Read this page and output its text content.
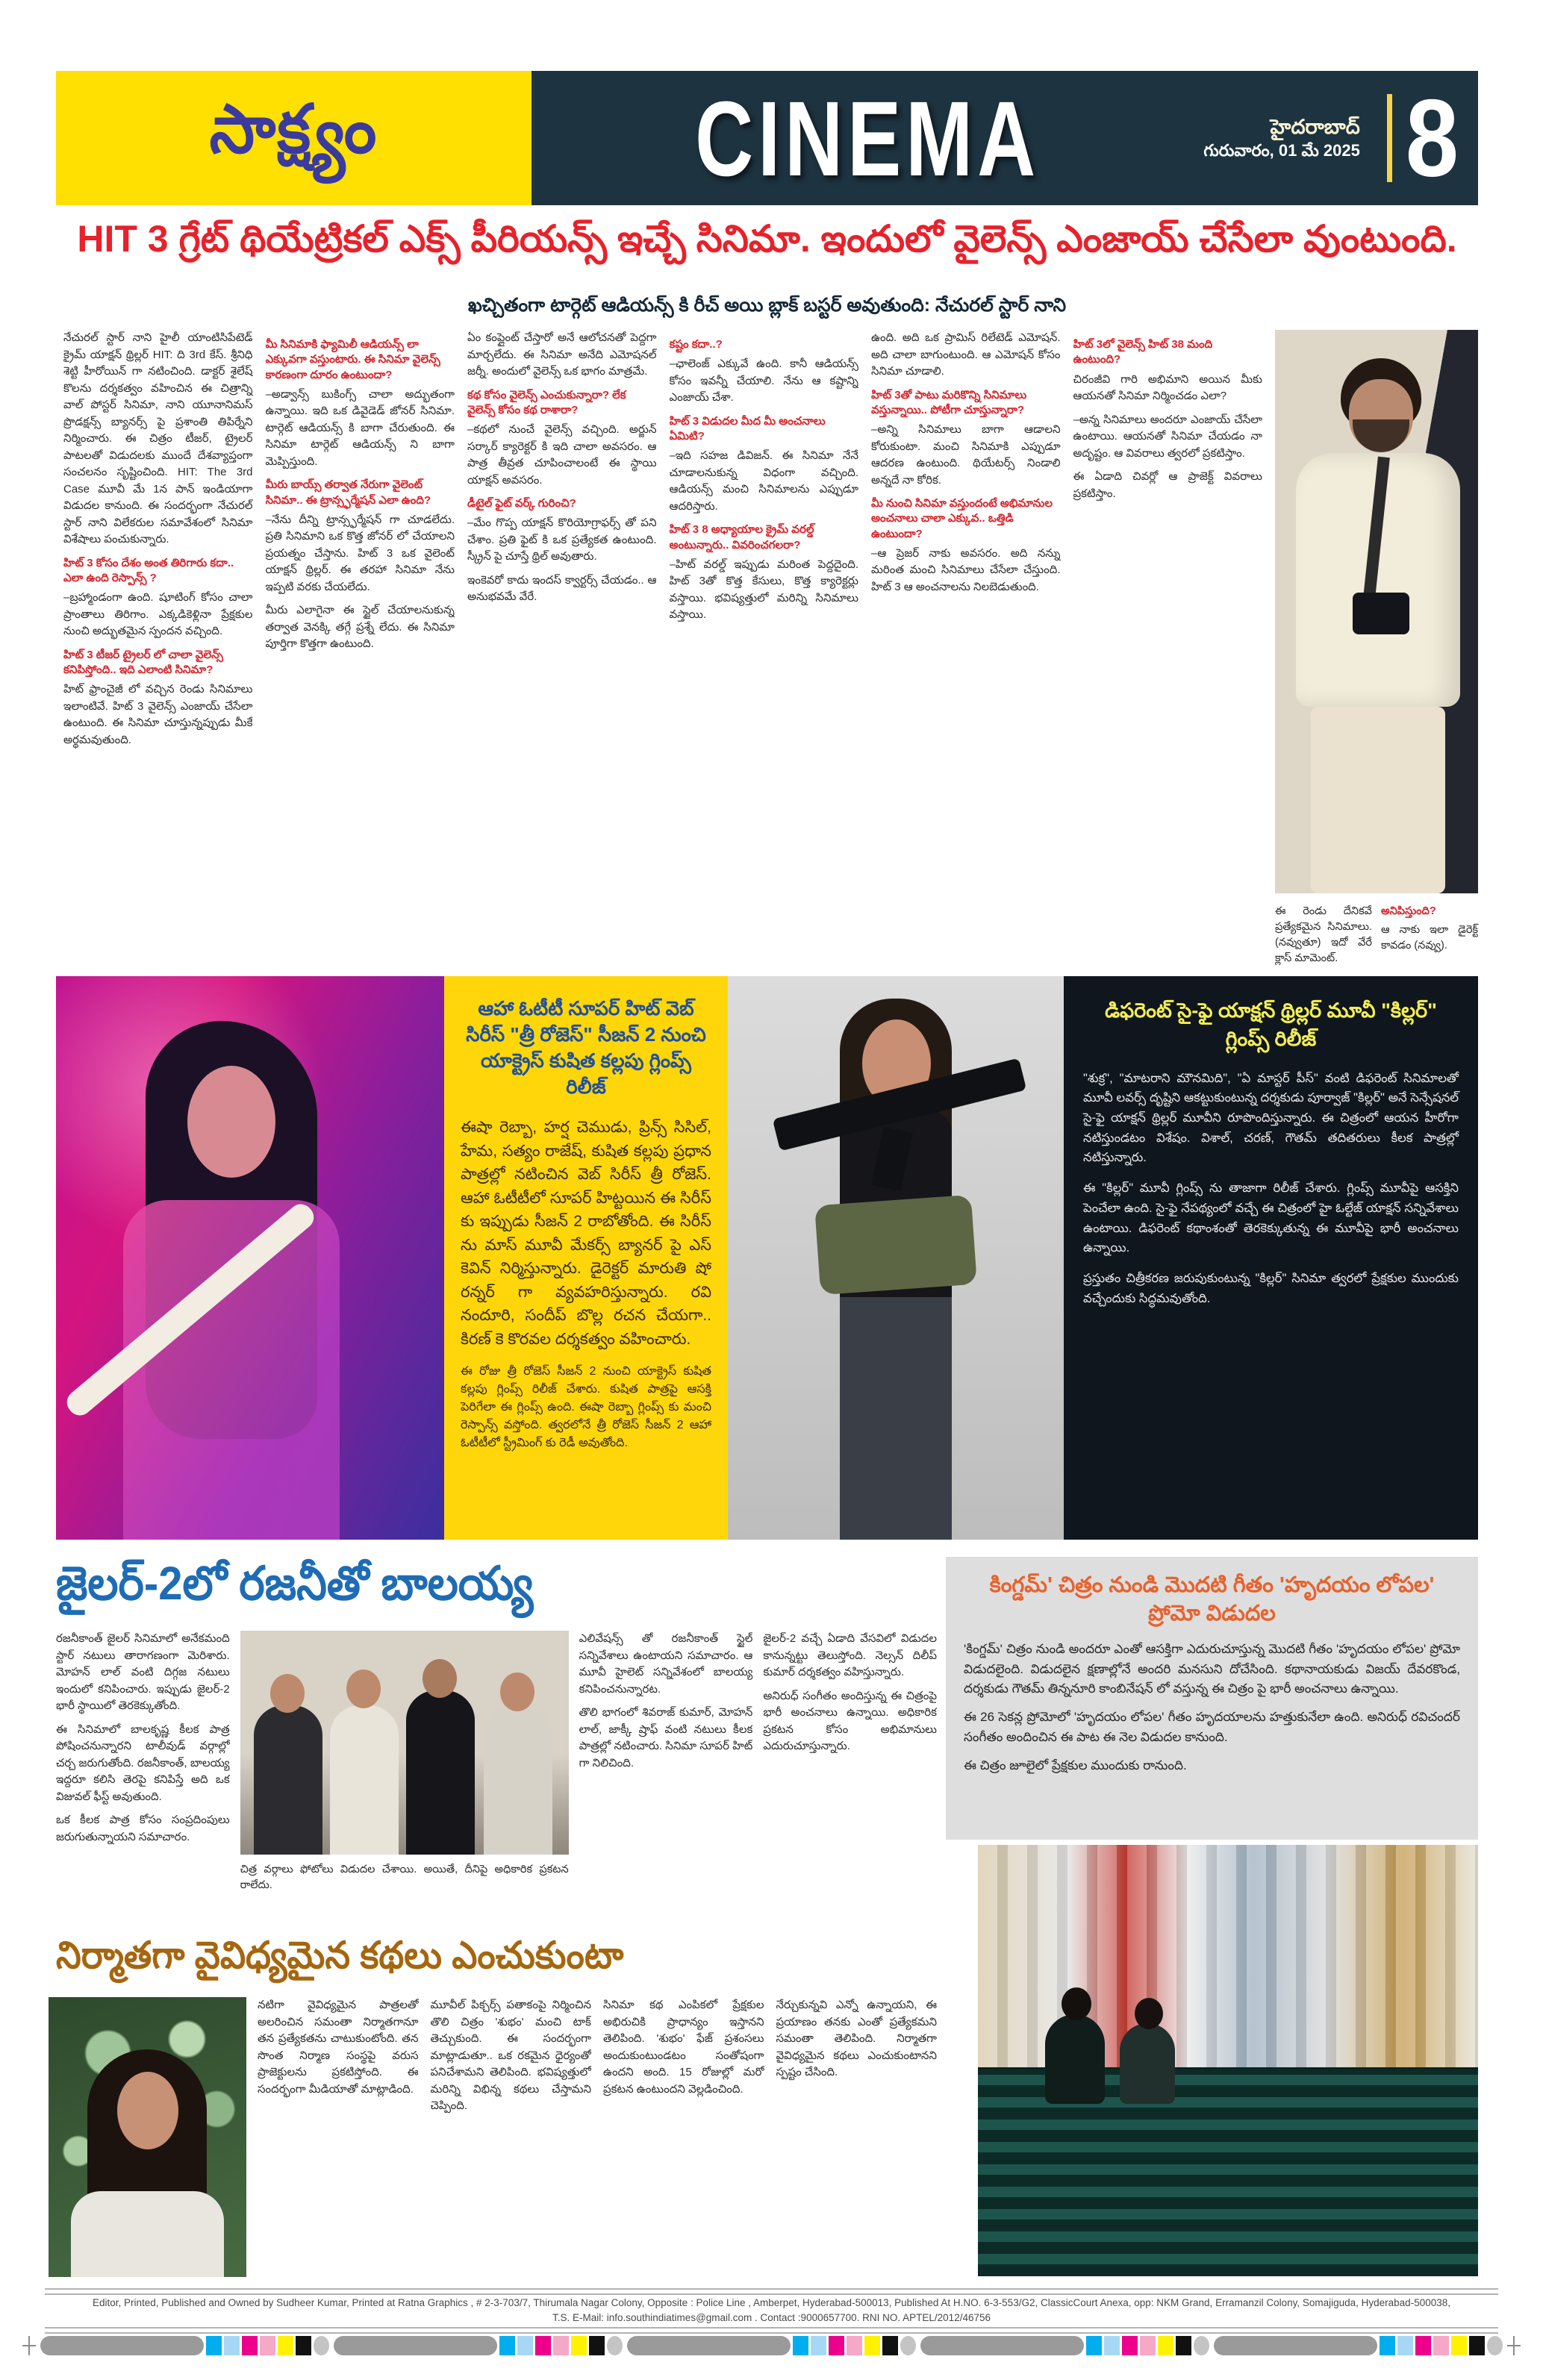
సాక్ష్యం	CINEMA	హైదరాబాద్
గురువారం, 01 మే 2025 8
HIT 3 గ్రేట్ థియేట్రికల్ ఎక్స్ పీరియన్స్ ఇచ్చే సినిమా. ఇందులో వైలెన్స్ ఎంజాయ్ చేసేలా వుంటుంది.
ఖచ్చితంగా టార్గెట్ ఆడియన్స్ కి రీచ్ అయి బ్లాక్ బస్టర్ అవుతుంది: నేచురల్ స్టార్ నాని
నేచురల్ స్టార్ నాని హైలీ యాంటిసిపేటెడ్ క్రైమ్ యాక్షన్ థ్రిల్లర్ HIT: ది 3rd కేస్. శ్రీనిధి శెట్టి హీరోయిన్ గా నటించింది. డాక్టర్ శైలేష్ కొలను దర్శకత్వం వహించిన ఈ చిత్రాన్ని వాల్ పోస్టర్ సినిమా, నాని యూనానిమస్ ప్రొడక్షన్స్ బ్యానర్స్ పై ప్రశాంతి తిపిర్నేని నిర్మించారు. ఈ చిత్రం టీజర్, ట్రైలర్ పాటలతో విడుదలకు ముందే దేశవ్యాప్తంగా సంచలనం సృష్టించింది. HIT: The 3rd Case మూవీ మే 1న పాన్ ఇండియాగా విడుదల కానుంది. ఈ సందర్భంగా నేచురల్ స్టార్ నాని విలేకరుల సమావేశంలో సినిమా విశేషాలు పంచుకున్నారు.
హిట్ 3 కోసం దేశం అంత తిరిగారు కదా.. ఎలా ఉంది రెస్పాన్స్ ?
–బ్రహ్మాండంగా ఉంది. షూటింగ్ కోసం చాలా ప్రాంతాలు తిరిగాం. ఎక్కడికెళ్లినా ప్రేక్షకుల నుంచి అద్భుతమైన స్పందన వచ్చింది.
హిట్ 3 టీజర్ ట్రైలర్ లో చాలా వైలెన్స్ కనిపిస్తోంది.. ఇది ఎలాంటి సినిమా?
హిట్ ఫ్రాంచైజీ లో వచ్చిన రెండు సినిమాలు ఇలాంటివే. హిట్ 3 వైలెన్స్ ఎంజాయ్ చేసేలా ఉంటుంది. ఈ సినిమా చూస్తున్నప్పుడు మీకే అర్థమవుతుంది.
మీ సినిమాకి ఫ్యామిలీ ఆడియన్స్ లా ఎక్కువగా వస్తుంటారు. ఈ సినిమా వైలెన్స్ కారణంగా దూరం ఉంటుందా?
–అడ్వాన్స్ బుకింగ్స్ చాలా అద్భుతంగా ఉన్నాయి. ఇది ఒక డివైడెడ్ జోనర్ సినిమా. టార్గెట్ ఆడియన్స్ కి బాగా చేరుతుంది. ఈ సినిమా టార్గెట్ ఆడియన్స్ ని బాగా మెప్పిస్తుంది.
మీరు బాయ్స్ తర్వాత నేరుగా వైలెంట్ సినిమా.. ఈ ట్రాన్స్ఫర్మేషన్ ఎలా ఉంది?
–నేను దీన్ని ట్రాన్స్ఫర్మేషన్ గా చూడలేదు. ప్రతి సినిమాని ఒక కొత్త జోనర్ లో చేయాలని ప్రయత్నం చేస్తాను. హిట్ 3 ఒక వైలెంట్ యాక్షన్ థ్రిల్లర్. ఈ తరహా సినిమా నేను ఇప్పటి వరకు చేయలేదు.
మీరు ఎలాగైనా ఈ స్టైల్ చేయాలనుకున్న తర్వాత వెనక్కి తగ్గే ప్రశ్నే లేదు. ఈ సినిమా పూర్తిగా కొత్తగా ఉంటుంది.
ఏం కంప్లైంట్ చేస్తారో అనే ఆలోచనతో పెద్దగా మార్చలేదు. ఈ సినిమా అనేది ఎమోషనల్ జర్నీ. అందులో వైలెన్స్ ఒక భాగం మాత్రమే.
కథ కోసం వైలెన్స్ ఎంచుకున్నారా? లేక వైలెన్స్ కోసం కథ రాశారా?
–కథలో నుంచే వైలెన్స్ వచ్చింది. అర్జున్ సర్కార్ క్యారెక్టర్ కి ఇది చాలా అవసరం. ఆ పాత్ర తీవ్రత చూపించాలంటే ఈ స్థాయి యాక్షన్ అవసరం.
డీటైల్ ఫైట్ వర్క్ గురించి?
–మేం గొప్ప యాక్షన్ కొరియోగ్రాఫర్స్ తో పని చేశాం. ప్రతి ఫైట్ కి ఒక ప్రత్యేకత ఉంటుంది. స్క్రీన్ పై చూస్తే థ్రిల్ అవుతారు.
ఇంకెవరో కాదు ఇందస్ క్వార్టర్స్ చేయడం.. ఆ అనుభవమే వేరే.
కష్టం కదా..?
–ఛాలెంజ్ ఎక్కువే ఉంది. కానీ ఆడియన్స్ కోసం ఇవన్నీ చేయాలి. నేను ఆ కష్టాన్ని ఎంజాయ్ చేశా.
హిట్ 3 విడుదల మీద మీ అంచనాలు ఏమిటి?
–ఇది సహజ డివిజన్. ఈ సినిమా నేనే చూడాలనుకున్న విధంగా వచ్చింది. ఆడియన్స్ మంచి సినిమాలను ఎప్పుడూ ఆదరిస్తారు.
హిట్ 3 8 అధ్యాయాల క్రైమ్ వరల్డ్ అంటున్నారు.. వివరించగలరా?
–హిట్ వరల్డ్ ఇప్పుడు మరింత పెద్దదైంది. హిట్ 3తో కొత్త కేసులు, కొత్త క్యారెక్టర్లు వస్తాయి. భవిష్యత్తులో మరిన్ని సినిమాలు వస్తాయి.
ఉంది. అది ఒక ప్రామిస్ రిలేటెడ్ ఎమోషన్. అది చాలా బాగుంటుంది. ఆ ఎమోషన్ కోసం సినిమా చూడాలి.
హిట్ 3తో పాటు మరికొన్ని సినిమాలు వస్తున్నాయి.. పోటీగా చూస్తున్నారా?
–అన్ని సినిమాలు బాగా ఆడాలని కోరుకుంటా. మంచి సినిమాకి ఎప్పుడూ ఆదరణ ఉంటుంది. థియేటర్స్ నిండాలి అన్నదే నా కోరిక.
మీ నుంచి సినిమా వస్తుందంటే అభిమానుల అంచనాలు చాలా ఎక్కువ.. ఒత్తిడి ఉంటుందా?
–ఆ ప్రెజర్ నాకు అవసరం. అది నన్ను మరింత మంచి సినిమాలు చేసేలా చేస్తుంది. హిట్ 3 ఆ అంచనాలను నిలబెడుతుంది.
హిట్ 3లో వైలెన్స్ హిట్ 38 మంది ఉంటుంది?
చిరంజీవి గారి అభిమాని అయిన మీకు ఆయనతో సినిమా నిర్మించడం ఎలా?
–అన్న సినిమాలు అందరూ ఎంజాయ్ చేసేలా ఉంటాయి. ఆయనతో సినిమా చేయడం నా అదృష్టం. ఆ వివరాలు త్వరలో ప్రకటిస్తాం.
ఈ ఏడాది చివర్లో ఆ ప్రాజెక్ట్ వివరాలు ప్రకటిస్తాం.
ఈ రెండు దేనికవే ప్రత్యేకమైన సినిమాలు. (నవ్వుతూ) ఇదో వేరే క్లాస్ మామెంట్.
అనిపిస్తుంది?
ఆ నాకు ఇలా డైరెక్ట్ కావడం (నవ్వు).
ఆహా ఓటీటీ సూపర్ హిట్ వెబ్ సిరీస్ "త్రీ రోజెస్" సీజన్ 2 నుంచి యాక్ట్రెస్ కుషిత కల్లపు గ్లింప్స్ రిలీజ్

ఈషా రెబ్బా, హర్ష చెముడు, ప్రిన్స్ సిసిల్, హేమ, సత్యం రాజేష్, కుషిత కల్లపు ప్రధాన పాత్రల్లో నటించిన వెబ్ సిరీస్ త్రీ రోజెస్. ఆహా ఓటీటీలో సూపర్ హిట్టయిన ఈ సిరీస్ కు ఇప్పుడు సీజన్ 2 రాబోతోంది. ఈ సిరీస్ ను మాస్ మూవీ మేకర్స్ బ్యానర్ పై ఎస్ కెవిన్ నిర్మిస్తున్నారు. డైరెక్టర్ మారుతి షో రన్నర్ గా వ్యవహరిస్తున్నారు. రవి నందూరి, సందీప్ బొల్ల రచన చేయగా.. కిరణ్ కె కొరవల దర్శకత్వం వహించారు.

ఈ రోజు త్రీ రోజెస్ సీజన్ 2 నుంచి యాక్ట్రెస్ కుషిత కల్లపు గ్లింప్స్ రిలీజ్ చేశారు. కుషిత పాత్రపై ఆసక్తి పెరిగేలా ఈ గ్లింప్స్ ఉంది. ఈషా రెబ్బా గ్లింప్స్ కు మంచి రెస్పాన్స్ వస్తోంది. త్వరలోనే త్రీ రోజెస్ సీజన్ 2 ఆహా ఓటీటీలో స్ట్రీమింగ్ కు రెడీ అవుతోంది.

డిఫరెంట్ సై-ఫై యాక్షన్ థ్రిల్లర్ మూవీ "కిల్లర్" గ్లింప్స్ రిలీజ్

"శుక్ర", "మాటరాని మౌనమిది", "ఏ మాస్టర్ పీస్" వంటి డిఫరెంట్ సినిమాలతో మూవీ లవర్స్ దృష్టిని ఆకట్టుకుంటున్న దర్శకుడు పూర్వాజ్ "కిల్లర్" అనే సెన్సేషనల్ సై-ఫై యాక్షన్ థ్రిల్లర్ మూవీని రూపొందిస్తున్నారు. ఈ చిత్రంలో ఆయన హీరోగా నటిస్తుండటం విశేషం. విశాల్, చరణ్, గౌతమ్ తదితరులు కీలక పాత్రల్లో నటిస్తున్నారు.

ఈ "కిల్లర్" మూవీ గ్లింప్స్ ను తాజాగా రిలీజ్ చేశారు. గ్లింప్స్ మూవీపై ఆసక్తిని పెంచేలా ఉంది. సై-ఫై నేపథ్యంలో వచ్చే ఈ చిత్రంలో హై ఓల్టేజ్ యాక్షన్ సన్నివేశాలు ఉంటాయి. డిఫరెంట్ కథాంశంతో తెరకెక్కుతున్న ఈ మూవీపై భారీ అంచనాలు ఉన్నాయి.

ప్రస్తుతం చిత్రీకరణ జరుపుకుంటున్న "కిల్లర్" సినిమా త్వరలో ప్రేక్షకుల ముందుకు వచ్చేందుకు సిద్ధమవుతోంది.

జైలర్-2లో రజనీతో బాలయ్య
రజనీకాంత్ జైలర్ సినిమాలో అనేకమంది స్టార్ నటులు తారాగణంగా మెరిశారు. మోహన్ లాల్ వంటి దిగ్గజ నటులు ఇందులో కనిపించారు. ఇప్పుడు జైలర్-2 భారీ స్థాయిలో తెరకెక్కుతోంది.
ఈ సినిమాలో బాలకృష్ణ కీలక పాత్ర పోషించనున్నారని టాలీవుడ్ వర్గాల్లో చర్చ జరుగుతోంది. రజనీకాంత్, బాలయ్య ఇద్దరూ కలిసి తెరపై కనిపిస్తే అది ఒక విజువల్ ఫీస్ట్ అవుతుంది.
ఒక కీలక పాత్ర కోసం సంప్రదింపులు జరుగుతున్నాయని సమాచారం.
చిత్ర వర్గాలు ఫోటోలు విడుదల చేశాయి. అయితే, దీనిపై అధికారిక ప్రకటన రాలేదు.
ఎలివేషన్స్ తో రజనీకాంత్ స్టైల్ సన్నివేశాలు ఉంటాయని సమాచారం. ఆ మూవీ హైలెట్ సన్నివేశంలో బాలయ్య కనిపించనున్నారట.
తొలి భాగంలో శివరాజ్ కుమార్, మోహన్ లాల్, జాక్కీ ష్రాఫ్ వంటి నటులు కీలక పాత్రల్లో నటించారు. సినిమా సూపర్ హిట్ గా నిలిచింది.
జైలర్-2 వచ్చే ఏడాది వేసవిలో విడుదల కానున్నట్టు తెలుస్తోంది. నెల్సన్ దిలీప్ కుమార్ దర్శకత్వం వహిస్తున్నారు.
అనిరుధ్ సంగీతం అందిస్తున్న ఈ చిత్రంపై భారీ అంచనాలు ఉన్నాయి. అధికారిక ప్రకటన కోసం అభిమానులు ఎదురుచూస్తున్నారు.
కింగ్డమ్' చిత్రం నుండి మొదటి గీతం 'హృదయం లోపల' ప్రోమో విడుదల

'కింగ్డమ్' చిత్రం నుండి అందరూ ఎంతో ఆసక్తిగా ఎదురుచూస్తున్న మొదటి గీతం 'హృదయం లోపల' ప్రోమో విడుదలైంది. విడుదలైన క్షణాల్లోనే అందరి మనసుని దోచేసింది. కథానాయకుడు విజయ్ దేవరకొండ, దర్శకుడు గౌతమ్ తిన్ననూరి కాంబినేషన్ లో వస్తున్న ఈ చిత్రం పై భారీ అంచనాలు ఉన్నాయి.

ఈ 26 సెకన్ల ప్రోమోలో 'హృదయం లోపల' గీతం హృదయాలను హత్తుకునేలా ఉంది. అనిరుధ్ రవిచందర్ సంగీతం అందించిన ఈ పాట ఈ నెల విడుదల కానుంది.

ఈ చిత్రం జూలైలో ప్రేక్షకుల ముందుకు రానుంది.

నిర్మాతగా వైవిధ్యమైన కథలు ఎంచుకుంటా
నటిగా వైవిధ్యమైన పాత్రలతో అలరించిన సమంతా నిర్మాతగానూ తన ప్రత్యేకతను చాటుకుంటోంది. తన సొంత నిర్మాణ సంస్థపై వరుస ప్రాజెక్టులను ప్రకటిస్తోంది. ఈ సందర్భంగా మీడియాతో మాట్లాడింది.
మూవీల్ పిక్చర్స్ పతాకంపై నిర్మించిన తొలి చిత్రం 'శుభం' మంచి టాక్ తెచ్చుకుంది. ఈ సందర్భంగా మాట్లాడుతూ.. ఒక రకమైన ధైర్యంతో పనిచేశామని తెలిపింది. భవిష్యత్తులో మరిన్ని విభిన్న కథలు చేస్తామని చెప్పింది.
సినిమా కథ ఎంపికలో ప్రేక్షకుల అభిరుచికి ప్రాధాన్యం ఇస్తానని తెలిపింది. 'శుభం' ఫేజ్ ప్రశంసలు అందుకుంటుండటం సంతోషంగా ఉందని అంది. 15 రోజుల్లో మరో ప్రకటన ఉంటుందని వెల్లడించింది.
నేర్చుకున్నవి ఎన్నో ఉన్నాయని, ఈ ప్రయాణం తనకు ఎంతో ప్రత్యేకమని సమంతా తెలిపింది. నిర్మాతగా వైవిధ్యమైన కథలు ఎంచుకుంటానని స్పష్టం చేసింది.
Editor, Printed, Published and Owned by Sudheer Kumar, Printed at Ratna Graphics , # 2-3-703/7, Thirumala Nagar Colony, Opposite : Police Line , Amberpet, Hyderabad-500013, Published At H.NO. 6-3-553/G2, ClassicCourt Anexa, opp: NKM Grand, Erramanzil Colony, Somajiguda, Hyderabad-500038,
T.S. E-Mail: info.southindiatimes@gmail.com . Contact :9000657700. RNI NO. APTEL/2012/46756
